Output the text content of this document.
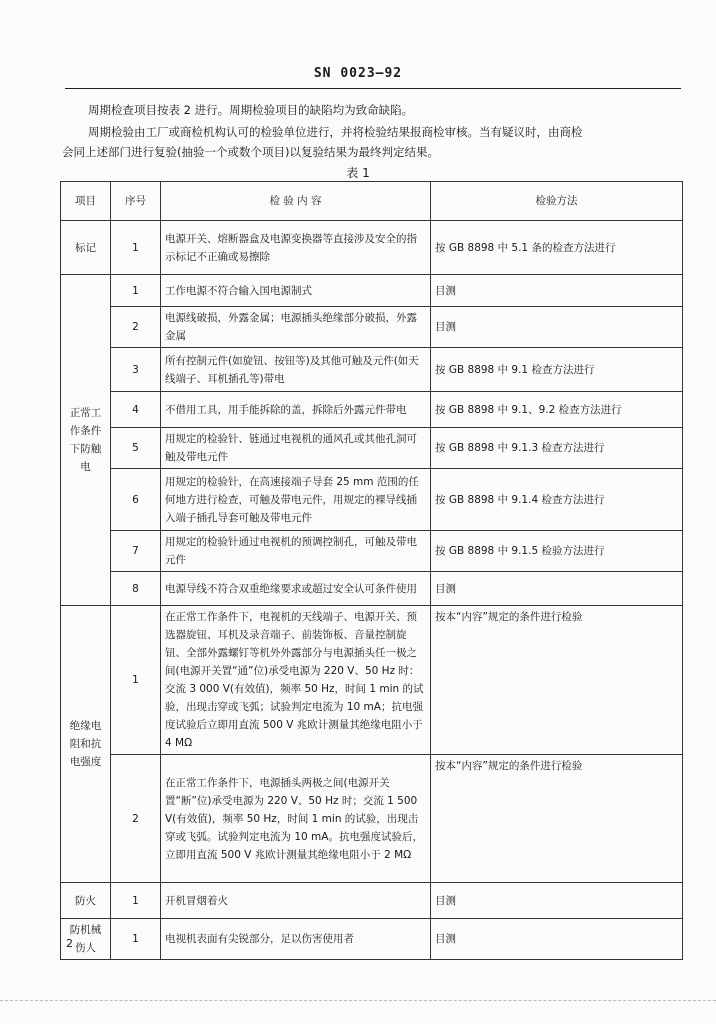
SN 0023—92
周期检查项目按表 2 进行。周期检验项目的缺陷均为致命缺陷。
周期检验由工厂或商检机构认可的检验单位进行，并将检验结果报商检审核。当有疑议时，由商检
会同上述部门进行复验(抽验一个或数个项目)以复验结果为最终判定结果。
表 1
项目	序号	检 验 内 容	检验方法
标记	1	电源开关、熔断器盒及电源变换器等直接涉及安全的指示标记不正确或易擦除	按 GB 8898 中 5.1 条的检查方法进行
正常工作条件下防触电	1	工作电源不符合输入国电源制式	目测
	2	电源线破损，外露金属；电源插头绝缘部分破损，外露金属	目测
	3	所有控制元件(如旋钮、按钮等)及其他可触及元件(如天线端子、耳机插孔等)带电	按 GB 8898 中 9.1 检查方法进行
	4	不借用工具，用手能拆除的盖，拆除后外露元件带电	按 GB 8898 中 9.1、9.2 检查方法进行
	5	用规定的检验针、链通过电视机的通风孔或其他孔洞可触及带电元件	按 GB 8898 中 9.1.3 检查方法进行
	6	用规定的检验针，在高速接端子导套 25 mm 范围的任何地方进行检查，可触及带电元件，用规定的裸导线插入端子插孔导套可触及带电元件	按 GB 8898 中 9.1.4 检查方法进行
	7	用规定的检验针通过电视机的预调控制孔，可触及带电元件	按 GB 8898 中 9.1.5 检验方法进行
	8	电源导线不符合双重绝缘要求或超过安全认可条件使用	目测
绝缘电阻和抗电强度	1	在正常工作条件下，电视机的天线端子、电源开关、预选器旋钮、耳机及录音端子、前装饰板、音量控制旋钮、全部外露螺钉等机外外露部分与电源插头任一极之间(电源开关置“通”位)承受电源为 220 V、50 Hz 时：交流 3 000 V(有效值)，频率 50 Hz，时间 1 min 的试验，出现击穿或飞弧；试验判定电流为 10 mA；抗电强度试验后立即用直流 500 V 兆欧计测量其绝缘电阻小于 4 MΩ	按本“内容”规定的条件进行检验
	2	在正常工作条件下，电源插头两极之间(电源开关置“断”位)承受电源为 220 V、50 Hz 时；交流 1 500 V(有效值)，频率 50 Hz，时间 1 min 的试验，出现击穿或飞弧。试验判定电流为 10 mA。抗电强度试验后，立即用直流 500 V 兆欧计测量其绝缘电阻小于 2 MΩ	按本“内容”规定的条件进行检验
防火	1	开机冒烟着火	目测
防机械伤人	1	电视机表面有尖锐部分，足以伤害使用者	目测
2
